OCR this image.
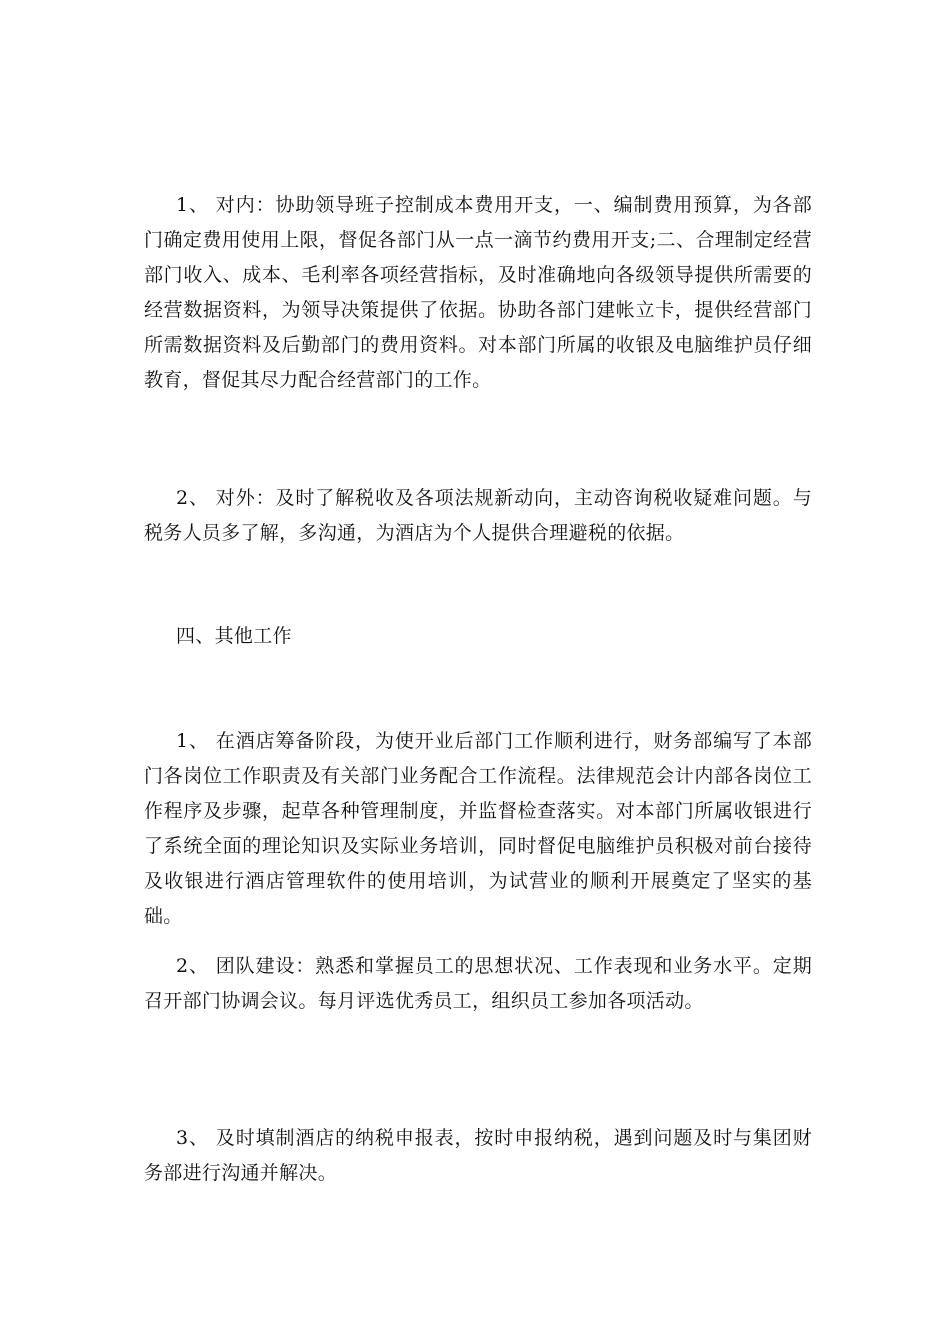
1、 对内：协助领导班子控制成本费用开支，一、编制费用预算，为各部门确定费用使用上限，督促各部门从一点一滴节约费用开支;二、合理制定经营部门收入、成本、毛利率各项经营指标，及时准确地向各级领导提供所需要的经营数据资料，为领导决策提供了依据。协助各部门建帐立卡，提供经营部门所需数据资料及后勤部门的费用资料。对本部门所属的收银及电脑维护员仔细教育，督促其尽力配合经营部门的工作。

2、 对外：及时了解税收及各项法规新动向，主动咨询税收疑难问题。与税务人员多了解，多沟通，为酒店为个人提供合理避税的依据。

四、其他工作

1、 在酒店筹备阶段，为使开业后部门工作顺利进行，财务部编写了本部门各岗位工作职责及有关部门业务配合工作流程。法律规范会计内部各岗位工作程序及步骤，起草各种管理制度，并监督检查落实。对本部门所属收银进行了系统全面的理论知识及实际业务培训，同时督促电脑维护员积极对前台接待及收银进行酒店管理软件的使用培训，为试营业的顺利开展奠定了坚实的基础。

2、 团队建设：熟悉和掌握员工的思想状况、工作表现和业务水平。定期召开部门协调会议。每月评选优秀员工，组织员工参加各项活动。

3、 及时填制酒店的纳税申报表，按时申报纳税，遇到问题及时与集团财务部进行沟通并解决。
